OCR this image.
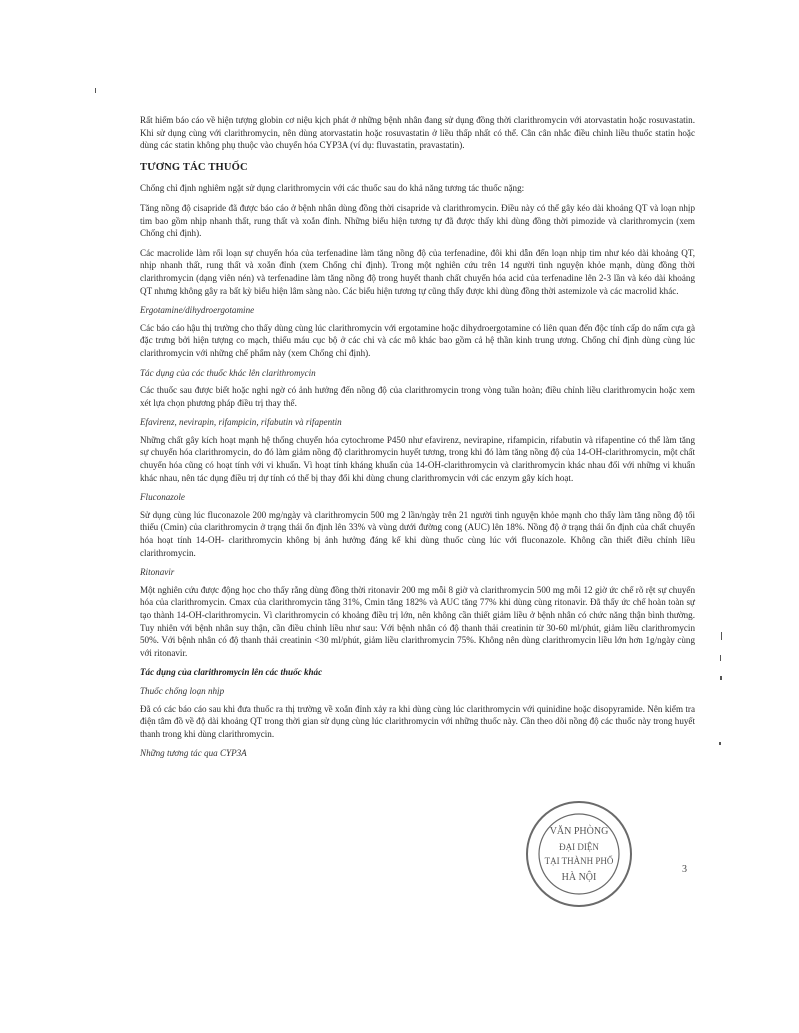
Rất hiếm báo cáo về hiện tượng globin cơ niệu kịch phát ở những bệnh nhân đang sử dụng đồng thời clarithromycin với atorvastatin hoặc rosuvastatin. Khi sử dụng cùng với clarithromycin, nên dùng atorvastatin hoặc rosuvastatin ở liều thấp nhất có thể. Cân cân nhắc điều chỉnh liều thuốc statin hoặc dùng các statin không phụ thuộc vào chuyển hóa CYP3A (ví dụ: fluvastatin, pravastatin).

TƯƠNG TÁC THUỐC

Chống chỉ định nghiêm ngặt sử dụng clarithromycin với các thuốc sau do khả năng tương tác thuốc nặng:

Tăng nồng độ cisapride đã được báo cáo ở bệnh nhân dùng đồng thời cisapride và clarithromycin. Điều này có thể gây kéo dài khoảng QT và loạn nhịp tim bao gồm nhịp nhanh thất, rung thất và xoắn đỉnh. Những biểu hiện tương tự đã được thấy khi dùng đồng thời pimozide và clarithromycin (xem Chống chỉ định).

Các macrolide làm rối loạn sự chuyển hóa của terfenadine làm tăng nồng độ của terfenadine, đôi khi dẫn đến loạn nhịp tim như kéo dài khoảng QT, nhịp nhanh thất, rung thất và xoắn đỉnh (xem Chống chỉ định). Trong một nghiên cứu trên 14 người tình nguyện khỏe mạnh, dùng đồng thời clarithromycin (dạng viên nén) và terfenadine làm tăng nồng độ trong huyết thanh chất chuyển hóa acid của terfenadine lên 2-3 lần và kéo dài khoảng QT nhưng không gây ra bất kỳ biểu hiện lâm sàng nào. Các biểu hiện tương tự cũng thấy được khi dùng đồng thời astemizole và các macrolid khác.

Ergotamine/dihydroergotamine

Các báo cáo hậu thị trường cho thấy dùng cùng lúc clarithromycin với ergotamine hoặc dihydroergotamine có liên quan đến độc tính cấp do nấm cựa gà đặc trưng bởi hiện tượng co mạch, thiếu máu cục bộ ở các chi và các mô khác bao gồm cả hệ thần kinh trung ương. Chống chỉ định dùng cùng lúc clarithromycin với những chế phẩm này (xem Chống chỉ định).

Tác dụng của các thuốc khác lên clarithromycin

Các thuốc sau được biết hoặc nghi ngờ có ảnh hưởng đến nồng độ của clarithromycin trong vòng tuần hoàn; điều chỉnh liều clarithromycin hoặc xem xét lựa chọn phương pháp điều trị thay thế.

Efavirenz, nevirapin, rifampicin, rifabutin và rifapentin

Những chất gây kích hoạt mạnh hệ thống chuyển hóa cytochrome P450 như efavirenz, nevirapine, rifampicin, rifabutin và rifapentine có thể làm tăng sự chuyển hóa clarithromycin, do đó làm giảm nồng độ clarithromycin huyết tương, trong khi đó làm tăng nồng độ của 14-OH-clarithromycin, một chất chuyển hóa cũng có hoạt tính với vi khuẩn. Vì hoạt tính kháng khuẩn của 14-OH-clarithromycin và clarithromycin khác nhau đối với những vi khuẩn khác nhau, nên tác dụng điều trị dự tính có thể bị thay đổi khi dùng chung clarithromycin với các enzym gây kích hoạt.

Fluconazole

Sử dụng cùng lúc fluconazole 200 mg/ngày và clarithromycin 500 mg 2 lần/ngày trên 21 người tình nguyện khỏe mạnh cho thấy làm tăng nồng độ tối thiểu (Cmin) của clarithromycin ở trạng thái ổn định lên 33% và vùng dưới đường cong (AUC) lên 18%. Nồng độ ở trạng thái ổn định của chất chuyển hóa hoạt tính 14-OH- clarithromycin không bị ảnh hưởng đáng kể khi dùng thuốc cùng lúc với fluconazole. Không cần thiết điều chỉnh liều clarithromycin.

Ritonavir

Một nghiên cứu được động học cho thấy rằng dùng đồng thời ritonavir 200 mg mỗi 8 giờ và clarithromycin 500 mg mỗi 12 giờ ức chế rõ rệt sự chuyển hóa của clarithromycin. Cmax của clarithromycin tăng 31%, Cmin tăng 182% và AUC tăng 77% khi dùng cùng ritonavir. Đã thấy ức chế hoàn toàn sự tạo thành 14-OH-clarithromycin. Vì clarithromycin có khoảng điều trị lớn, nên không cần thiết giảm liều ở bệnh nhân có chức năng thận bình thường. Tuy nhiên với bệnh nhân suy thận, cần điều chỉnh liều như sau: Với bệnh nhân có độ thanh thải creatinin từ 30-60 ml/phút, giảm liều clarithromycin 50%. Với bệnh nhân có độ thanh thải creatinin <30 ml/phút, giảm liều clarithromycin 75%. Không nên dùng clarithromycin liều lớn hơn 1g/ngày cùng với ritonavir.

Tác dụng của clarithromycin lên các thuốc khác
Thuốc chống loạn nhịp

Đã có các báo cáo sau khi đưa thuốc ra thị trường về xoắn đỉnh xảy ra khi dùng cùng lúc clarithromycin với quinidine hoặc disopyramide. Nên kiểm tra điện tâm đồ về độ dài khoảng QT trong thời gian sử dụng cùng lúc clarithromycin với những thuốc này. Cần theo dõi nồng độ các thuốc này trong huyết thanh trong khi dùng clarithromycin.

Những tương tác qua CYP3A
VĂN PHÒNG
ĐẠI DIỆN
TẠI THÀNH PHỐ
HÀ NỘI
3
